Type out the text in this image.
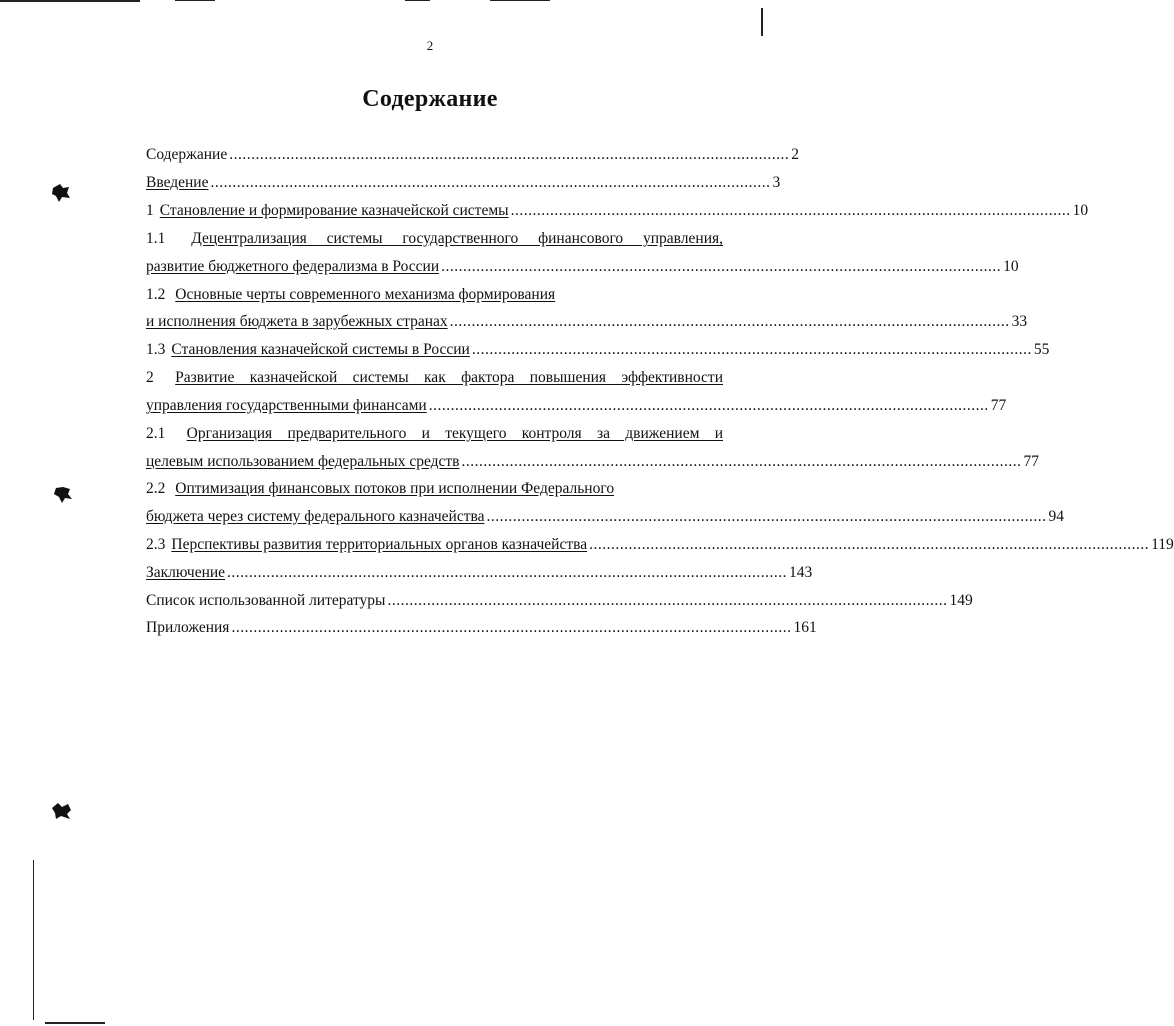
2
Содержание
Содержание ................................................................................................................................ 2
Введение ................................................................................................................................ 3
1 Становление и формирование казначейской системы ................................................................................................................................ 10
1.1 Децентрализация системы государственного финансового управления,
развитие бюджетного федерализма в России ................................................................................................................................ 10
1.2 Основные черты современного механизма формирования
и исполнения бюджета в зарубежных странах ................................................................................................................................ 33
1.3 Становления казначейской системы в России ................................................................................................................................ 55
2 Развитие казначейской системы как фактора повышения эффективности
управления государственными финансами ................................................................................................................................ 77
2.1 Организация предварительного и текущего контроля за движением и
целевым использованием федеральных средств ................................................................................................................................ 77
2.2 Оптимизация финансовых потоков при исполнении Федерального
бюджета через систему федерального казначейства ................................................................................................................................ 94
2.3 Перспективы развития территориальных органов казначейства ................................................................................................................................ 119
Заключение ................................................................................................................................ 143
Список использованной литературы ................................................................................................................................ 149
Приложения ................................................................................................................................ 161
